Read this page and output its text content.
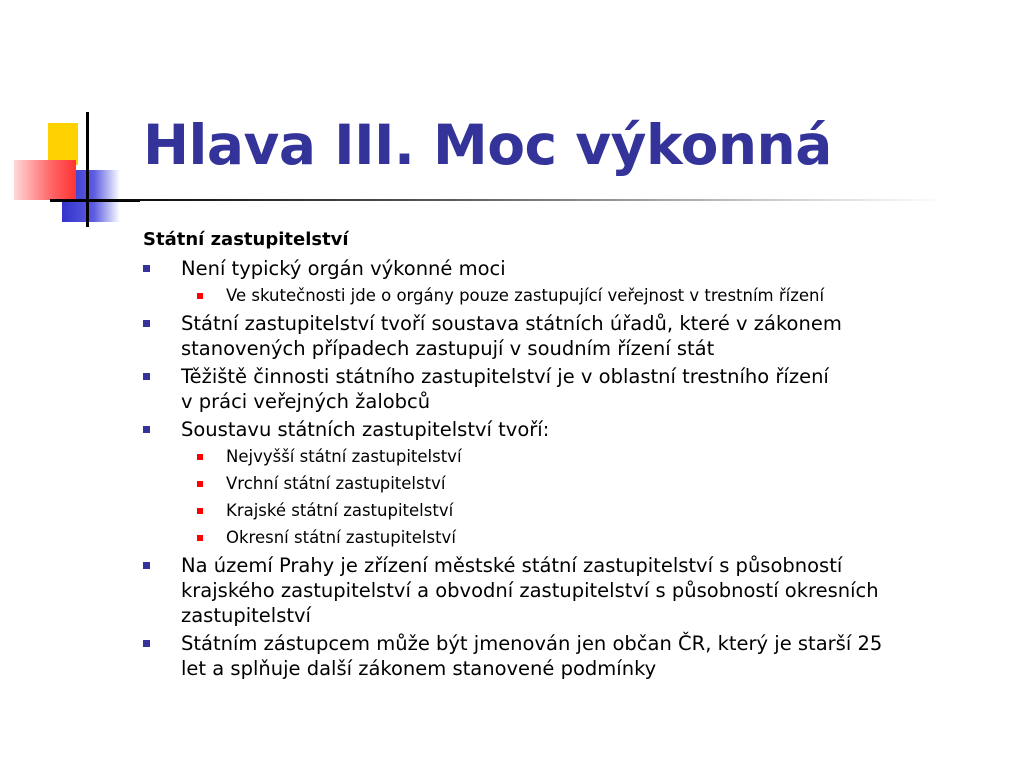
Hlava III. Moc výkonná
Státní zastupitelství
Není typický orgán výkonné moci
Ve skutečnosti jde o orgány pouze zastupující veřejnost v trestním řízení
Státní zastupitelství tvoří soustava státních úřadů, které v zákonem
stanovených případech zastupují v soudním řízení stát
Těžiště činnosti státního zastupitelství je v oblastní trestního řízení
v práci veřejných žalobců
Soustavu státních zastupitelství tvoří:
Nejvyšší státní zastupitelství
Vrchní státní zastupitelství
Krajské státní zastupitelství
Okresní státní zastupitelství
Na území Prahy je zřízení městské státní zastupitelství s působností
krajského zastupitelství a obvodní zastupitelství s působností okresních
zastupitelství
Státním zástupcem může být jmenován jen občan ČR, který je starší 25
let a splňuje další zákonem stanovené podmínky
